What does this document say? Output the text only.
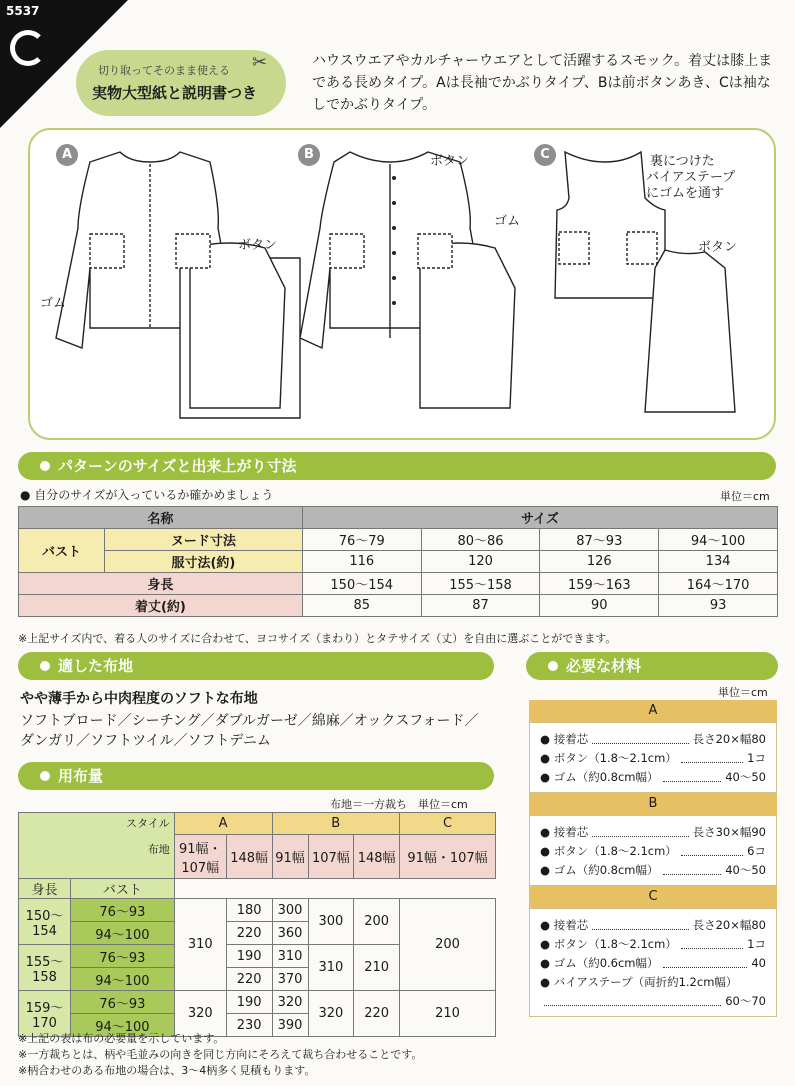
5537
切り取ってそのまま使える
実物大型紙と説明書つき
✂	ハウスウエアやカルチャーウエアとして活躍するスモック。着丈は膝上まである長めタイプ。Aは長袖でかぶりタイプ、Bは前ボタンあき、Cは袖なしでかぶりタイプ。
A	B	C
ゴム
ボタン
ボタン
ゴム
裏につけた
バイアステープ
にゴムを通す
ボタン
パターンのサイズと出来上がり寸法
● 自分のサイズが入っているか確かめましょう	単位＝cm
名称		サイズ			
バスト	ヌード寸法	76〜79	80〜86	87〜93	94〜100
	服寸法(約)	116	120	126	134
身長		150〜154	155〜158	159〜163	164〜170
着丈(約)		85	87	90	93
※上記サイズ内で、着る人のサイズに合わせて、ヨコサイズ（まわり）とタテサイズ（丈）を自由に選ぶことができます。
適した布地
やや薄手から中肉程度のソフトな布地
ソフトブロード／シーチング／ダブルガーゼ／綿麻／オックスフォード／
ダンガリ／ソフトツイル／ソフトデニム
用布量
布地＝一方裁ち　単位＝cm
スタイル
布地		A		B			C
		91幅・107幅	148幅	91幅	107幅	148幅	91幅・107幅
身長	バスト						
150〜154	76〜93	310	180	300	300	200	200
	94〜100		220	360			
155〜158	76〜93		190	310	310	210	
	94〜100		220	370			
159〜170	76〜93	320	190	320	320	220	210
	94〜100		230	390			
※上記の表は布の必要量を示しています。
※一方裁ちとは、柄や毛並みの向きを同じ方向にそろえて裁ち合わせることです。
※柄合わせのある布地の場合は、3〜4柄多く見積もります。
必要な材料
単位＝cm
A
● 接着芯	長さ20×幅80
● ボタン（1.8〜2.1cm）	1コ
● ゴム（約0.8cm幅）	40〜50
B
● 接着芯	長さ30×幅90
● ボタン（1.8〜2.1cm）	6コ
● ゴム（約0.8cm幅）	40〜50
C
● 接着芯	長さ20×幅80
● ボタン（1.8〜2.1cm）	1コ
● ゴム（約0.6cm幅）	40
● バイアステープ（両折約1.2cm幅）
60〜70
